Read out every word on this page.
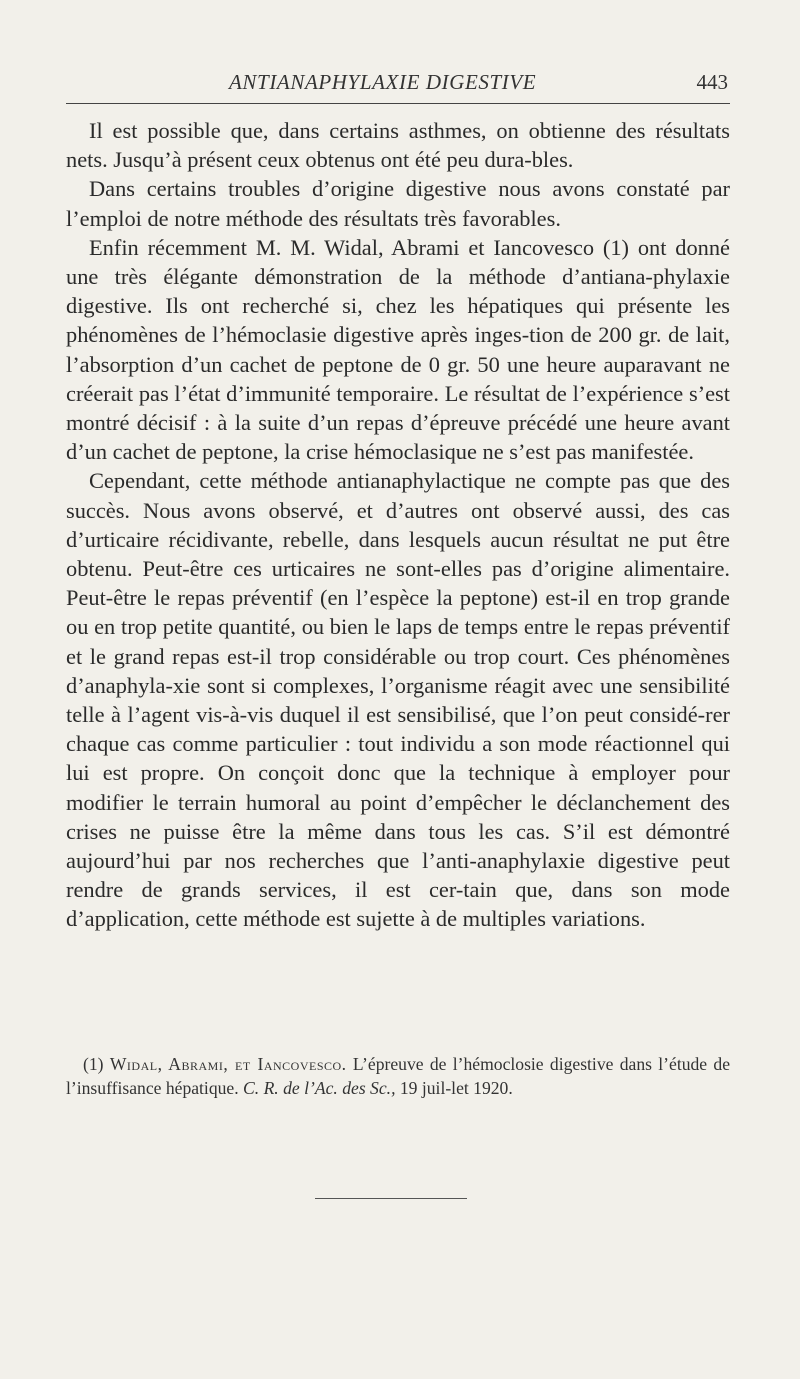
ANTIANAPHYLAXIE DIGESTIVE	443

Il est possible que, dans certains asthmes, on obtienne des résultats nets. Jusqu’à présent ceux obtenus ont été peu dura-bles.

Dans certains troubles d’origine digestive nous avons constaté par l’emploi de notre méthode des résultats très favorables.

Enfin récemment M. M. Widal, Abrami et Iancovesco (1) ont donné une très élégante démonstration de la méthode d’antiana-phylaxie digestive. Ils ont recherché si, chez les hépatiques qui présente les phénomènes de l’hémoclasie digestive après inges-tion de 200 gr. de lait, l’absorption d’un cachet de peptone de 0 gr. 50 une heure auparavant ne créerait pas l’état d’immunité temporaire. Le résultat de l’expérience s’est montré décisif : à la suite d’un repas d’épreuve précédé une heure avant d’un cachet de peptone, la crise hémoclasique ne s’est pas manifestée.

Cependant, cette méthode antianaphylactique ne compte pas que des succès. Nous avons observé, et d’autres ont observé aussi, des cas d’urticaire récidivante, rebelle, dans lesquels aucun résultat ne put être obtenu. Peut-être ces urticaires ne sont-elles pas d’origine alimentaire. Peut-être le repas préventif (en l’espèce la peptone) est-il en trop grande ou en trop petite quantité, ou bien le laps de temps entre le repas préventif et le grand repas est-il trop considérable ou trop court. Ces phénomènes d’anaphyla-xie sont si complexes, l’organisme réagit avec une sensibilité telle à l’agent vis-à-vis duquel il est sensibilisé, que l’on peut considé-rer chaque cas comme particulier : tout individu a son mode réactionnel qui lui est propre. On conçoit donc que la technique à employer pour modifier le terrain humoral au point d’empêcher le déclanchement des crises ne puisse être la même dans tous les cas. S’il est démontré aujourd’hui par nos recherches que l’anti-anaphylaxie digestive peut rendre de grands services, il est cer-tain que, dans son mode d’application, cette méthode est sujette à de multiples variations.

(1) Widal, Abrami, et Iancovesco. L’épreuve de l’hémoclosie digestive dans l’étude de l’insuffisance hépatique. C. R. de l’Ac. des Sc., 19 juil-let 1920.
